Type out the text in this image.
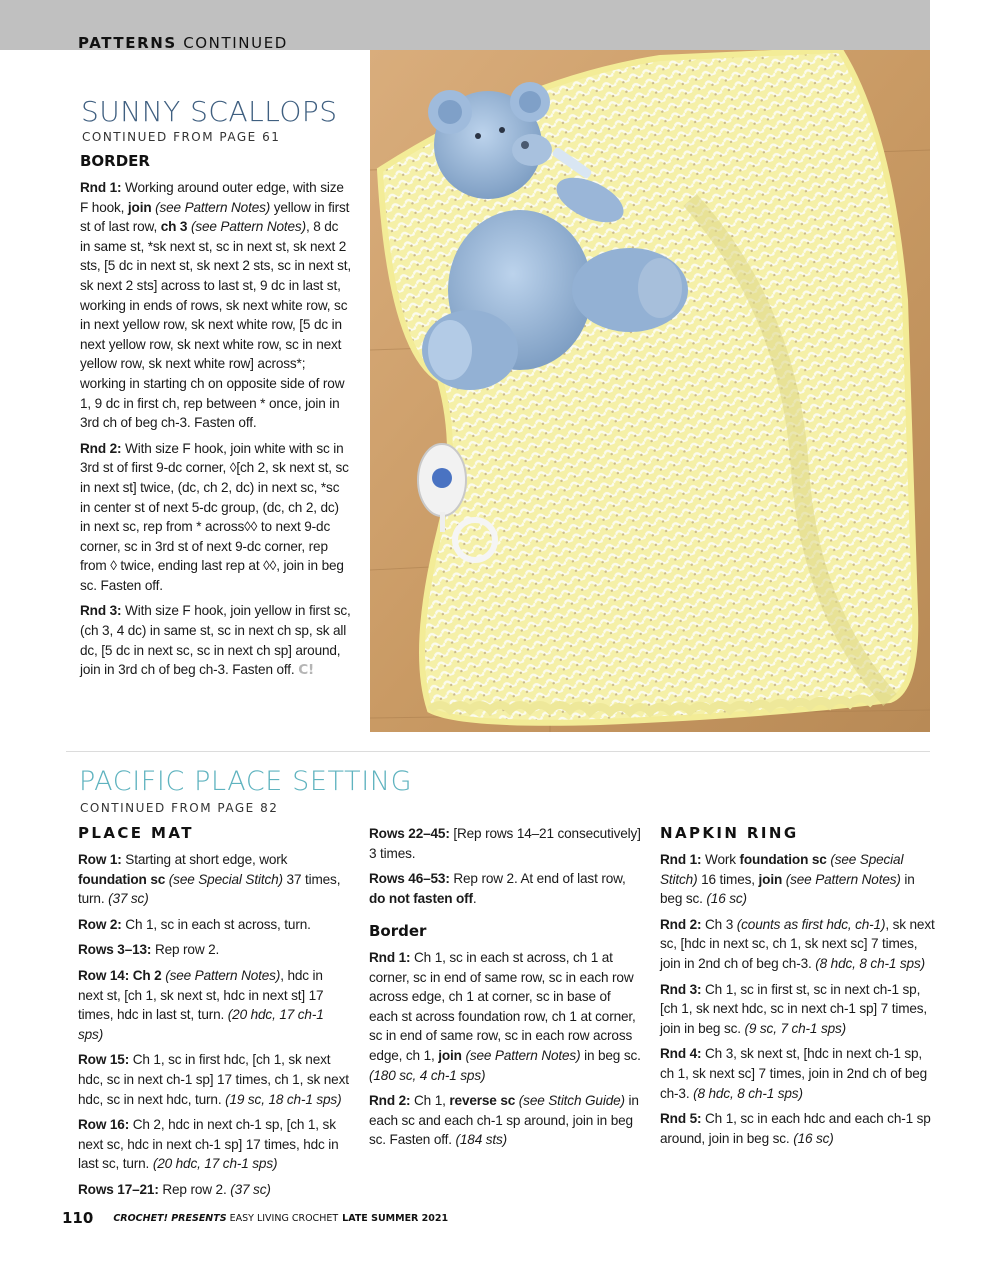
PATTERNS CONTINUED
SUNNY SCALLOPS
CONTINUED FROM PAGE 61
BORDER

Rnd 1: Working around outer edge, with size F hook, join (see Pattern Notes) yellow in first st of last row, ch 3 (see Pattern Notes), 8 dc in same st, *sk next st, sc in next st, sk next 2 sts, [5 dc in next st, sk next 2 sts, sc in next st, sk next 2 sts] across to last st, 9 dc in last st, working in ends of rows, sk next white row, sc in next yellow row, sk next white row, [5 dc in next yellow row, sk next white row, sc in next yellow row, sk next white row] across*; working in starting ch on opposite side of row 1, 9 dc in first ch, rep between * once, join in 3rd ch of beg ch-3. Fasten off.

Rnd 2: With size F hook, join white with sc in 3rd st of first 9-dc corner, ◊[ch 2, sk next st, sc in next st] twice, (dc, ch 2, dc) in next sc, *sc in center st of next 5-dc group, (dc, ch 2, dc) in next sc, rep from * across◊◊ to next 9-dc corner, sc in 3rd st of next 9-dc corner, rep from ◊ twice, ending last rep at ◊◊, join in beg sc. Fasten off.

Rnd 3: With size F hook, join yellow in first sc, (ch 3, 4 dc) in same st, sc in next ch sp, sk all dc, [5 dc in next sc, sc in next ch sp] around, join in 3rd ch of beg ch-3. Fasten off. C!

PACIFIC PLACE SETTING
CONTINUED FROM PAGE 82
PLACE MAT

Row 1: Starting at short edge, work foundation sc (see Special Stitch) 37 times, turn. (37 sc)

Row 2: Ch 1, sc in each st across, turn.

Rows 3–13: Rep row 2.

Row 14: Ch 2 (see Pattern Notes), hdc in next st, [ch 1, sk next st, hdc in next st] 17 times, hdc in last st, turn. (20 hdc, 17 ch-1 sps)

Row 15: Ch 1, sc in first hdc, [ch 1, sk next hdc, sc in next ch-1 sp] 17 times, ch 1, sk next hdc, sc in next hdc, turn. (19 sc, 18 ch-1 sps)

Row 16: Ch 2, hdc in next ch-1 sp, [ch 1, sk next sc, hdc in next ch-1 sp] 17 times, hdc in last sc, turn. (20 hdc, 17 ch-1 sps)

Rows 17–21: Rep row 2. (37 sc)

Rows 22–45: [Rep rows 14–21 consecutively] 3 times.

Rows 46–53: Rep row 2. At end of last row, do not fasten off.

Border

Rnd 1: Ch 1, sc in each st across, ch 1 at corner, sc in end of same row, sc in each row across edge, ch 1 at corner, sc in base of each st across foundation row, ch 1 at corner, sc in end of same row, sc in each row across edge, ch 1, join (see Pattern Notes) in beg sc. (180 sc, 4 ch-1 sps)

Rnd 2: Ch 1, reverse sc (see Stitch Guide) in each sc and each ch-1 sp around, join in beg sc. Fasten off. (184 sts)

NAPKIN RING

Rnd 1: Work foundation sc (see Special Stitch) 16 times, join (see Pattern Notes) in beg sc. (16 sc)

Rnd 2: Ch 3 (counts as first hdc, ch-1), sk next sc, [hdc in next sc, ch 1, sk next sc] 7 times, join in 2nd ch of beg ch-3. (8 hdc, 8 ch-1 sps)

Rnd 3: Ch 1, sc in first st, sc in next ch-1 sp, [ch 1, sk next hdc, sc in next ch-1 sp] 7 times, join in beg sc. (9 sc, 7 ch-1 sps)

Rnd 4: Ch 3, sk next st, [hdc in next ch-1 sp, ch 1, sk next sc] 7 times, join in 2nd ch of beg ch-3. (8 hdc, 8 ch-1 sps)

Rnd 5: Ch 1, sc in each hdc and each ch-1 sp around, join in beg sc. (16 sc)

110 CROCHET! PRESENTS EASY LIVING CROCHET LATE SUMMER 2021
